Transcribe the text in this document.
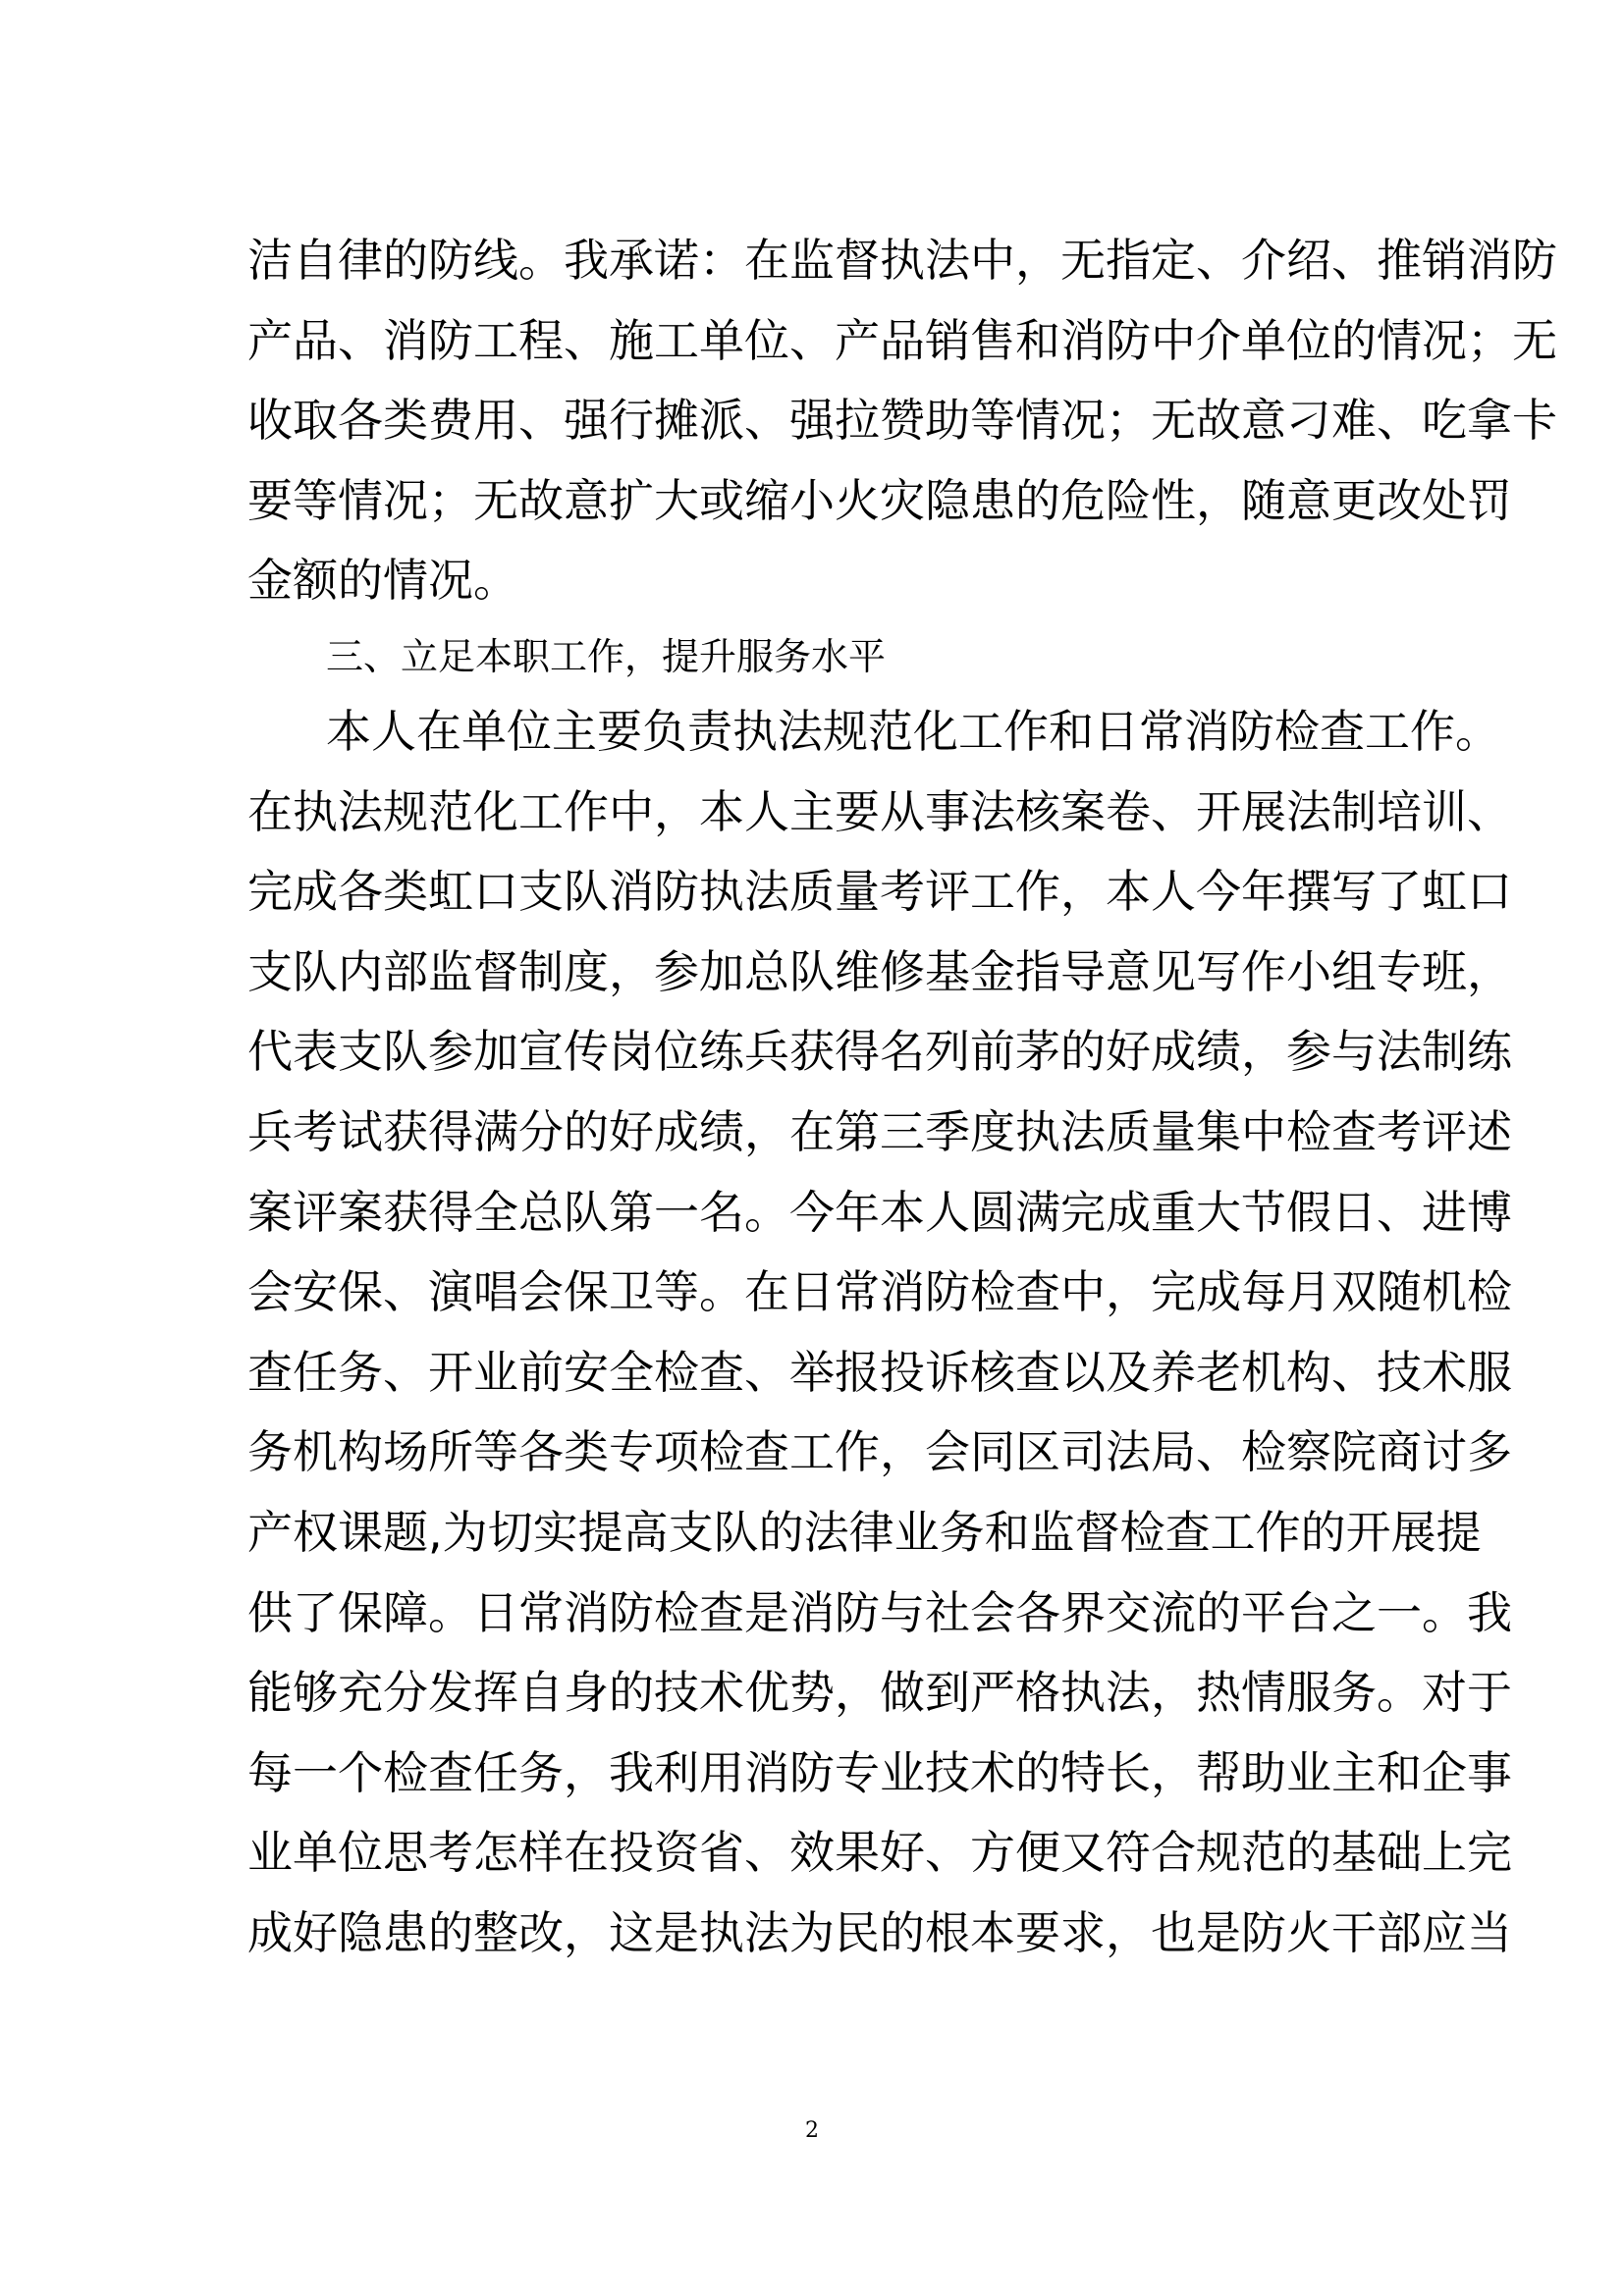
洁自律的防线。我承诺：在监督执法中，无指定、介绍、推销消防
产品、消防工程、施工单位、产品销售和消防中介单位的情况；无
收取各类费用、强行摊派、强拉赞助等情况；无故意刁难、吃拿卡
要等情况；无故意扩大或缩小火灾隐患的危险性，随意更改处罚
金额的情况。
三、立足本职工作，提升服务水平
本人在单位主要负责执法规范化工作和日常消防检查工作。
在执法规范化工作中，本人主要从事法核案卷、开展法制培训、
完成各类虹口支队消防执法质量考评工作，本人今年撰写了虹口
支队内部监督制度，参加总队维修基金指导意见写作小组专班，
代表支队参加宣传岗位练兵获得名列前茅的好成绩，参与法制练
兵考试获得满分的好成绩，在第三季度执法质量集中检查考评述
案评案获得全总队第一名。今年本人圆满完成重大节假日、进博
会安保、演唱会保卫等。在日常消防检查中，完成每月双随机检
查任务、开业前安全检查、举报投诉核查以及养老机构、技术服
务机构场所等各类专项检查工作，会同区司法局、检察院商讨多
产权课题,为切实提高支队的法律业务和监督检查工作的开展提
供了保障。日常消防检查是消防与社会各界交流的平台之一。我
能够充分发挥自身的技术优势，做到严格执法，热情服务。对于
每一个检查任务，我利用消防专业技术的特长，帮助业主和企事
业单位思考怎样在投资省、效果好、方便又符合规范的基础上完
成好隐患的整改，这是执法为民的根本要求，也是防火干部应当
2
